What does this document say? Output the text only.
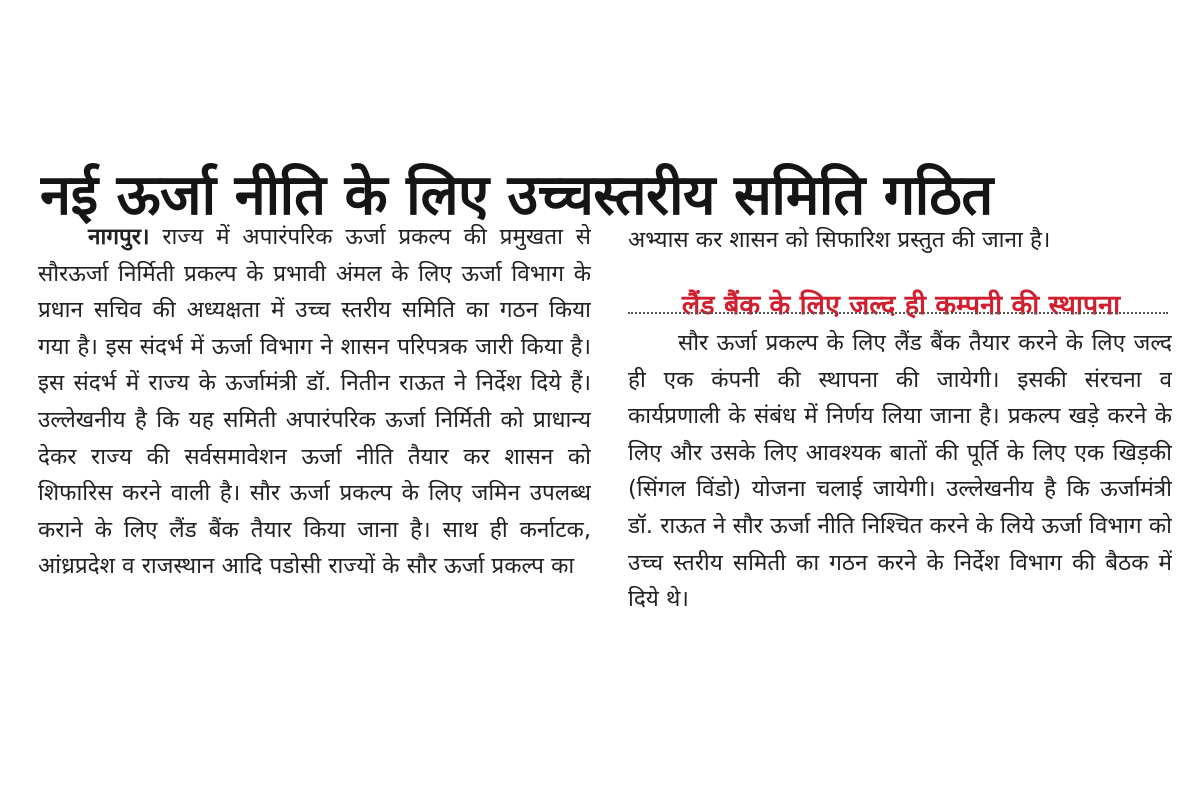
नई ऊर्जा नीति के लिए उच्चस्तरीय समिति गठित
नागपुर। राज्य में अपारंपरिक ऊर्जा प्रकल्प की प्रमुखता से सौरऊर्जा निर्मिती प्रकल्प के प्रभावी अंमल के लिए ऊर्जा विभाग के प्रधान सचिव की अध्यक्षता में उच्च स्तरीय समिति का गठन किया गया है। इस संदर्भ में ऊर्जा विभाग ने शासन परिपत्रक जारी किया है। इस संदर्भ में राज्य के ऊर्जामंत्री डॉ. नितीन राऊत ने निर्देश दिये हैं। उल्लेखनीय है कि यह समिती अपारंपरिक ऊर्जा निर्मिती को प्राधान्य देकर राज्य की सर्वसमावेशन ऊर्जा नीति तैयार कर शासन को शिफारिस करने वाली है। सौर ऊर्जा प्रकल्प के लिए जमिन उपलब्ध कराने के लिए लैंड बैंक तैयार किया जाना है। साथ ही कर्नाटक, आंध्रप्रदेश व राजस्थान आदि पडोसी राज्यों के सौर ऊर्जा प्रकल्प का
अभ्यास कर शासन को सिफारिश प्रस्तुत की जाना है।
लैंड बैंक के लिए जल्द ही कम्पनी की स्थापना
सौर ऊर्जा प्रकल्प के लिए लैंड बैंक तैयार करने के लिए जल्द ही एक कंपनी की स्थापना की जायेगी। इसकी संरचना व कार्यप्रणाली के संबंध में निर्णय लिया जाना है। प्रकल्प खड़े करने के लिए और उसके लिए आवश्यक बातों की पूर्ति के लिए एक खिड़की (सिंगल विंडो) योजना चलाई जायेगी। उल्लेखनीय है कि ऊर्जामंत्री डॉ. राऊत ने सौर ऊर्जा नीति निश्चित करने के लिये ऊर्जा विभाग को उच्च स्तरीय समिती का गठन करने के निर्देश विभाग की बैठक में दिये थे।
